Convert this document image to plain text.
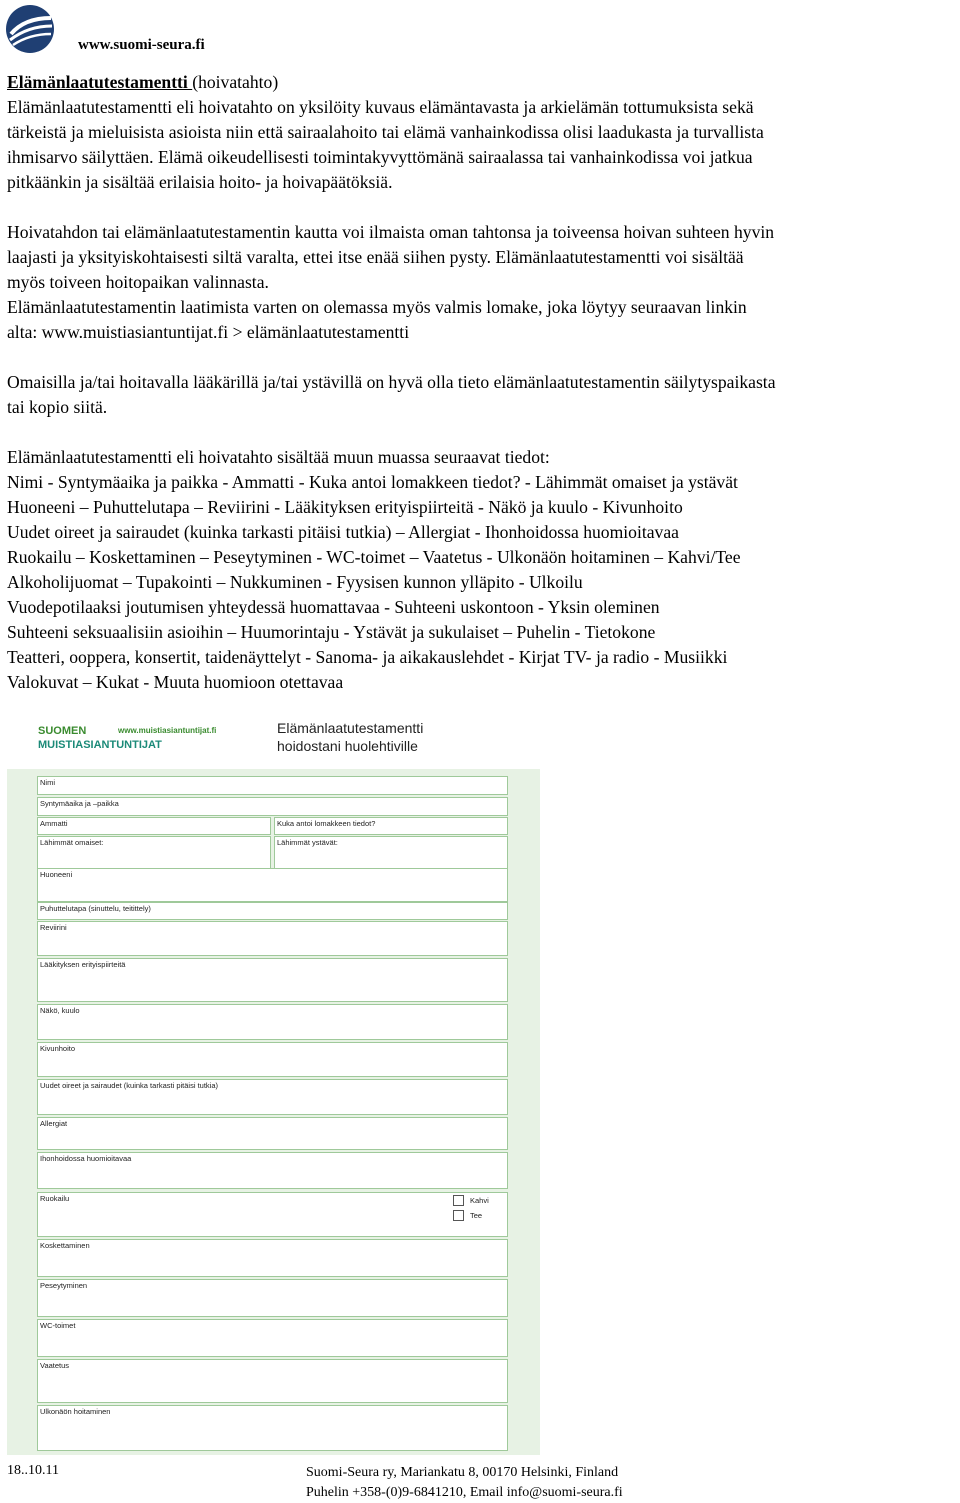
www.suomi-seura.fi

Elämänlaatutestamentti (hoivatahto)

Elämänlaatutestamentti eli hoivatahto on yksilöity kuvaus elämäntavasta ja arkielämän tottumuksista sekä

tärkeistä ja mieluisista asioista niin että sairaalahoito tai elämä vanhainkodissa olisi laadukasta ja turvallista

ihmisarvo säilyttäen. Elämä oikeudellisesti toimintakyvyttömänä sairaalassa tai vanhainkodissa voi jatkua

pitkäänkin ja sisältää erilaisia hoito- ja hoivapäätöksiä.

Hoivatahdon tai elämänlaatutestamentin kautta voi ilmaista oman tahtonsa ja toiveensa hoivan suhteen hyvin

laajasti ja yksityiskohtaisesti siltä varalta, ettei itse enää siihen pysty. Elämänlaatutestamentti voi sisältää

myös toiveen hoitopaikan valinnasta.

Elämänlaatutestamentin laatimista varten on olemassa myös valmis lomake, joka löytyy seuraavan linkin

alta: www.muistiasiantuntijat.fi > elämänlaatutestamentti

Omaisilla ja/tai hoitavalla lääkärillä ja/tai ystävillä on hyvä olla tieto elämänlaatutestamentin säilytyspaikasta

tai kopio siitä.

Elämänlaatutestamentti eli hoivatahto sisältää muun muassa seuraavat tiedot:

Nimi - Syntymäaika ja paikka - Ammatti - Kuka antoi lomakkeen tiedot? - Lähimmät omaiset ja ystävät

Huoneeni – Puhuttelutapa – Reviirini - Lääkityksen erityispiirteitä - Näkö ja kuulo - Kivunhoito

Uudet oireet ja sairaudet (kuinka tarkasti pitäisi tutkia) – Allergiat - Ihonhoidossa huomioitavaa

Ruokailu – Koskettaminen – Peseytyminen - WC-toimet – Vaatetus - Ulkonäön hoitaminen – Kahvi/Tee

Alkoholijuomat – Tupakointi – Nukkuminen - Fyysisen kunnon ylläpito - Ulkoilu

Vuodepotilaaksi joutumisen yhteydessä huomattavaa - Suhteeni uskontoon - Yksin oleminen

Suhteeni seksuaalisiin asioihin – Huumorintaju - Ystävät ja sukulaiset – Puhelin - Tietokone

Teatteri, ooppera, konsertit, taidenäyttelyt - Sanoma- ja aikakauslehdet - Kirjat TV- ja radio - Musiikki

Valokuvat – Kukat - Muuta huomioon otettavaa

SUOMEN
MUISTIASIANTUNTIJAT
www.muistiasiantuntijat.fi	Elämänlaatutestamentti
hoidostani huolehtiville
Nimi
Syntymäaika ja –paikka
Ammatti	Kuka antoi lomakkeen tiedot?
Lähimmät omaiset:	Lähimmät ystävät:
Huoneeni
Puhuttelutapa (sinuttelu, teitittely)
Reviirini
Lääkityksen erityispiirteitä
Näkö, kuulo
Kivunhoito
Uudet oireet ja sairaudet (kuinka tarkasti pitäisi tutkia)
Allergiat
Ihonhoidossa huomioitavaa
Ruokailu	Kahvi
Tee
Koskettaminen
Peseytyminen
WC-toimet
Vaatetus
Ulkonäön hoitaminen
18..10.11	Suomi-Seura ry, Mariankatu 8, 00170 Helsinki, Finland
Puhelin +358-(0)9-6841210, Email info@suomi-seura.fi
